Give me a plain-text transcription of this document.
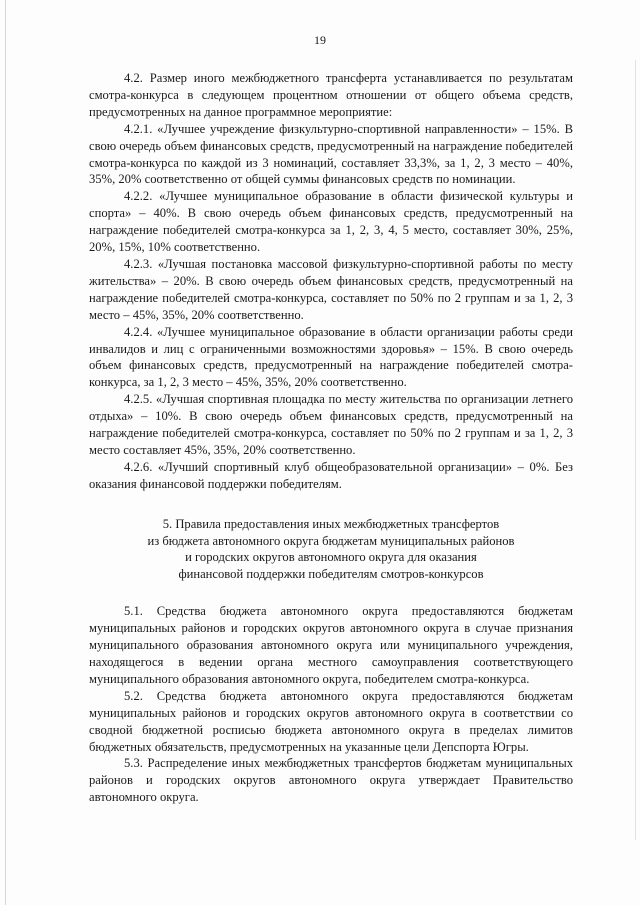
19

4.2. Размер иного межбюджетного трансферта устанавливается по результатам смотра-конкурса в следующем процентном отношении от общего объема средств, предусмотренных на данное программное мероприятие:

4.2.1. «Лучшее учреждение физкультурно-спортивной направленности» – 15%. В свою очередь объем финансовых средств, предусмотренный на награждение победителей смотра-конкурса по каждой из 3 номинаций, составляет 33,3%, за 1, 2, 3 место – 40%, 35%, 20% соответственно от общей суммы финансовых средств по номинации.

4.2.2. «Лучшее муниципальное образование в области физической культуры и спорта» – 40%. В свою очередь объем финансовых средств, предусмотренный на награждение победителей смотра-конкурса за 1, 2, 3, 4, 5 место, составляет 30%, 25%, 20%, 15%, 10% соответственно.

4.2.3. «Лучшая постановка массовой физкультурно-спортивной работы по месту жительства» – 20%. В свою очередь объем финансовых средств, предусмотренный на награждение победителей смотра-конкурса, составляет по 50% по 2 группам и за 1, 2, 3 место – 45%, 35%, 20% соответственно.

4.2.4. «Лучшее муниципальное образование в области организации работы среди инвалидов и лиц с ограниченными возможностями здоровья» – 15%. В свою очередь объем финансовых средств, предусмотренный на награждение победителей смотра-конкурса, за 1, 2, 3 место – 45%, 35%, 20% соответственно.

4.2.5. «Лучшая спортивная площадка по месту жительства по организации летнего отдыха» – 10%. В свою очередь объем финансовых средств, предусмотренный на награждение победителей смотра-конкурса, составляет по 50% по 2 группам и за 1, 2, 3 место составляет 45%, 35%, 20% соответственно.

4.2.6. «Лучший спортивный клуб общеобразовательной организации» – 0%. Без оказания финансовой поддержки победителям.

5. Правила предоставления иных межбюджетных трансфертов
из бюджета автономного округа бюджетам муниципальных районов
и городских округов автономного округа для оказания
финансовой поддержки победителям смотров-конкурсов

5.1. Средства бюджета автономного округа предоставляются бюджетам муниципальных районов и городских округов автономного округа в случае признания муниципального образования автономного округа или муниципального учреждения, находящегося в ведении органа местного самоуправления соответствующего муниципального образования автономного округа, победителем смотра-конкурса.

5.2. Средства бюджета автономного округа предоставляются бюджетам муниципальных районов и городских округов автономного округа в соответствии со сводной бюджетной росписью бюджета автономного округа в пределах лимитов бюджетных обязательств, предусмотренных на указанные цели Депспорта Югры.

5.3. Распределение иных межбюджетных трансфертов бюджетам муниципальных районов и городских округов автономного округа утверждает Правительство автономного округа.
